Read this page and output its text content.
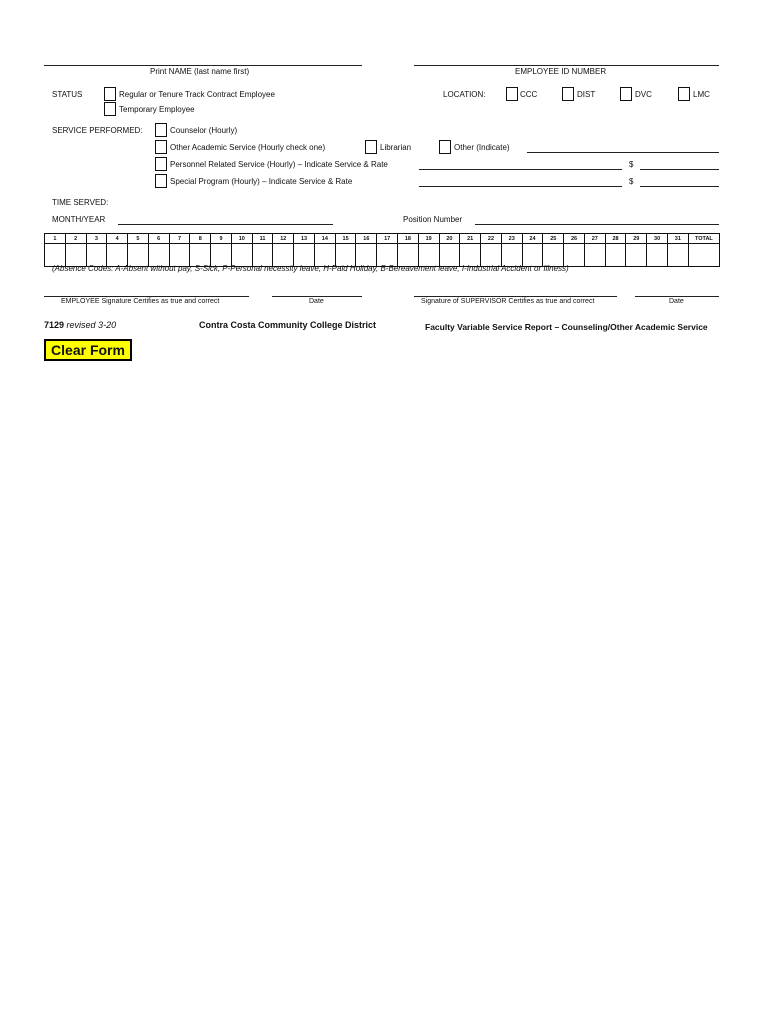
Print NAME (last name first)	EMPLOYEE ID NUMBER
STATUS	Regular or Tenure Track Contract Employee
Temporary Employee
LOCATION:	CCC	DIST	DVC	LMC
SERVICE PERFORMED:	Counselor (Hourly)
Other Academic Service (Hourly check one)	Librarian	Other (Indicate)
Personnel Related Service (Hourly) – Indicate Service & Rate	$
Special Program (Hourly) – Indicate Service & Rate	$
TIME SERVED:
MONTH/YEAR	Position Number
1	2	3	4	5	6	7	8	9	10	11	12	13	14	15	16	17	18	19	20	21	22	23	24	25	26	27	28	29	30	31	TOTAL

(Absence Codes: A-Absent without pay, S-Sick, P-Personal necessity leave, H-Paid Holiday, B-Bereavement leave, I-Industrial Accident or Illness)
EMPLOYEE Signature Certifies as true and correct	Date	Signature of SUPERVISOR Certifies as true and correct	Date
7129 revised 3-20	Contra Costa Community College District	Faculty Variable Service Report – Counseling/Other Academic Service
Clear Form
